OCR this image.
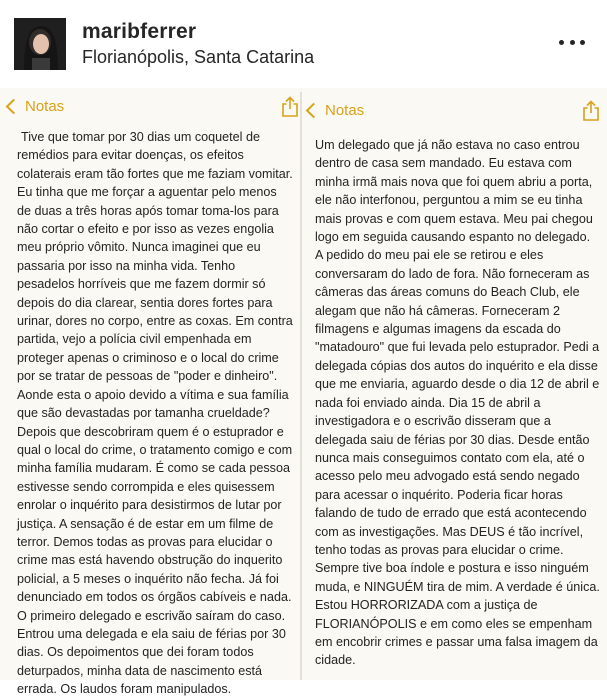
maribferrer
Florianópolis, Santa Catarina
Notas	Notas
Tive que tomar por 30 dias um coquetel de remédios para evitar doenças, os efeitos colaterais eram tão fortes que me faziam vomitar. Eu tinha que me forçar a aguentar pelo menos de duas a três horas após tomar toma-los para não cortar o efeito e por isso as vezes engolia meu próprio vômito. Nunca imaginei que eu passaria por isso na minha vida. Tenho pesadelos horríveis que me fazem dormir só depois do dia clarear, sentia dores fortes para urinar, dores no corpo, entre as coxas. Em contra partida, vejo a polícia civil empenhada em proteger apenas o criminoso e o local do crime por se tratar de pessoas de "poder e dinheiro". Aonde esta o apoio devido a vítima e sua família que são devastadas por tamanha crueldade? Depois que descobriram quem é o estuprador e qual o local do crime, o tratamento comigo e com minha família mudaram. É como se cada pessoa estivesse sendo corrompida e eles quisessem enrolar o inquérito para desistirmos de lutar por justiça. A sensação é de estar em um filme de terror. Demos todas as provas para elucidar o crime mas está havendo obstrução do inquerito policial, a 5 meses o inquérito não fecha. Já foi denunciado em todos os órgãos cabíveis e nada.
O primeiro delegado e escrivão saíram do caso. Entrou uma delegada e ela saiu de férias por 30 dias. Os depoimentos que dei foram todos deturpados, minha data de nascimento está errada. Os laudos foram manipulados.
Um delegado que já não estava no caso entrou dentro de casa sem mandado. Eu estava com minha irmã mais nova que foi quem abriu a porta, ele não interfonou, perguntou a mim se eu tinha mais provas e com quem estava. Meu pai chegou logo em seguida causando espanto no delegado. A pedido do meu pai ele se retirou e eles conversaram do lado de fora. Não forneceram as câmeras das áreas comuns do Beach Club, ele alegam que não há câmeras. Forneceram 2 filmagens e algumas imagens da escada do "matadouro" que fui levada pelo estuprador. Pedi a delegada cópias dos autos do inquérito e ela disse que me enviaria, aguardo desde o dia 12 de abril e nada foi enviado ainda. Dia 15 de abril a investigadora e o escrivão disseram que a delegada saiu de férias por 30 dias. Desde então nunca mais conseguimos contato com ela, até o acesso pelo meu advogado está sendo negado para acessar o inquérito. Poderia ficar horas falando de tudo de errado que está acontecendo com as investigações. Mas DEUS é tão incrível, tenho todas as provas para elucidar o crime. Sempre tive boa índole e postura e isso ninguém muda, e NINGUÉM tira de mim. A verdade é única. Estou HORRORIZADA com a justiça de FLORIANÓPOLIS e em como eles se empenham em encobrir crimes e passar uma falsa imagem da cidade.
